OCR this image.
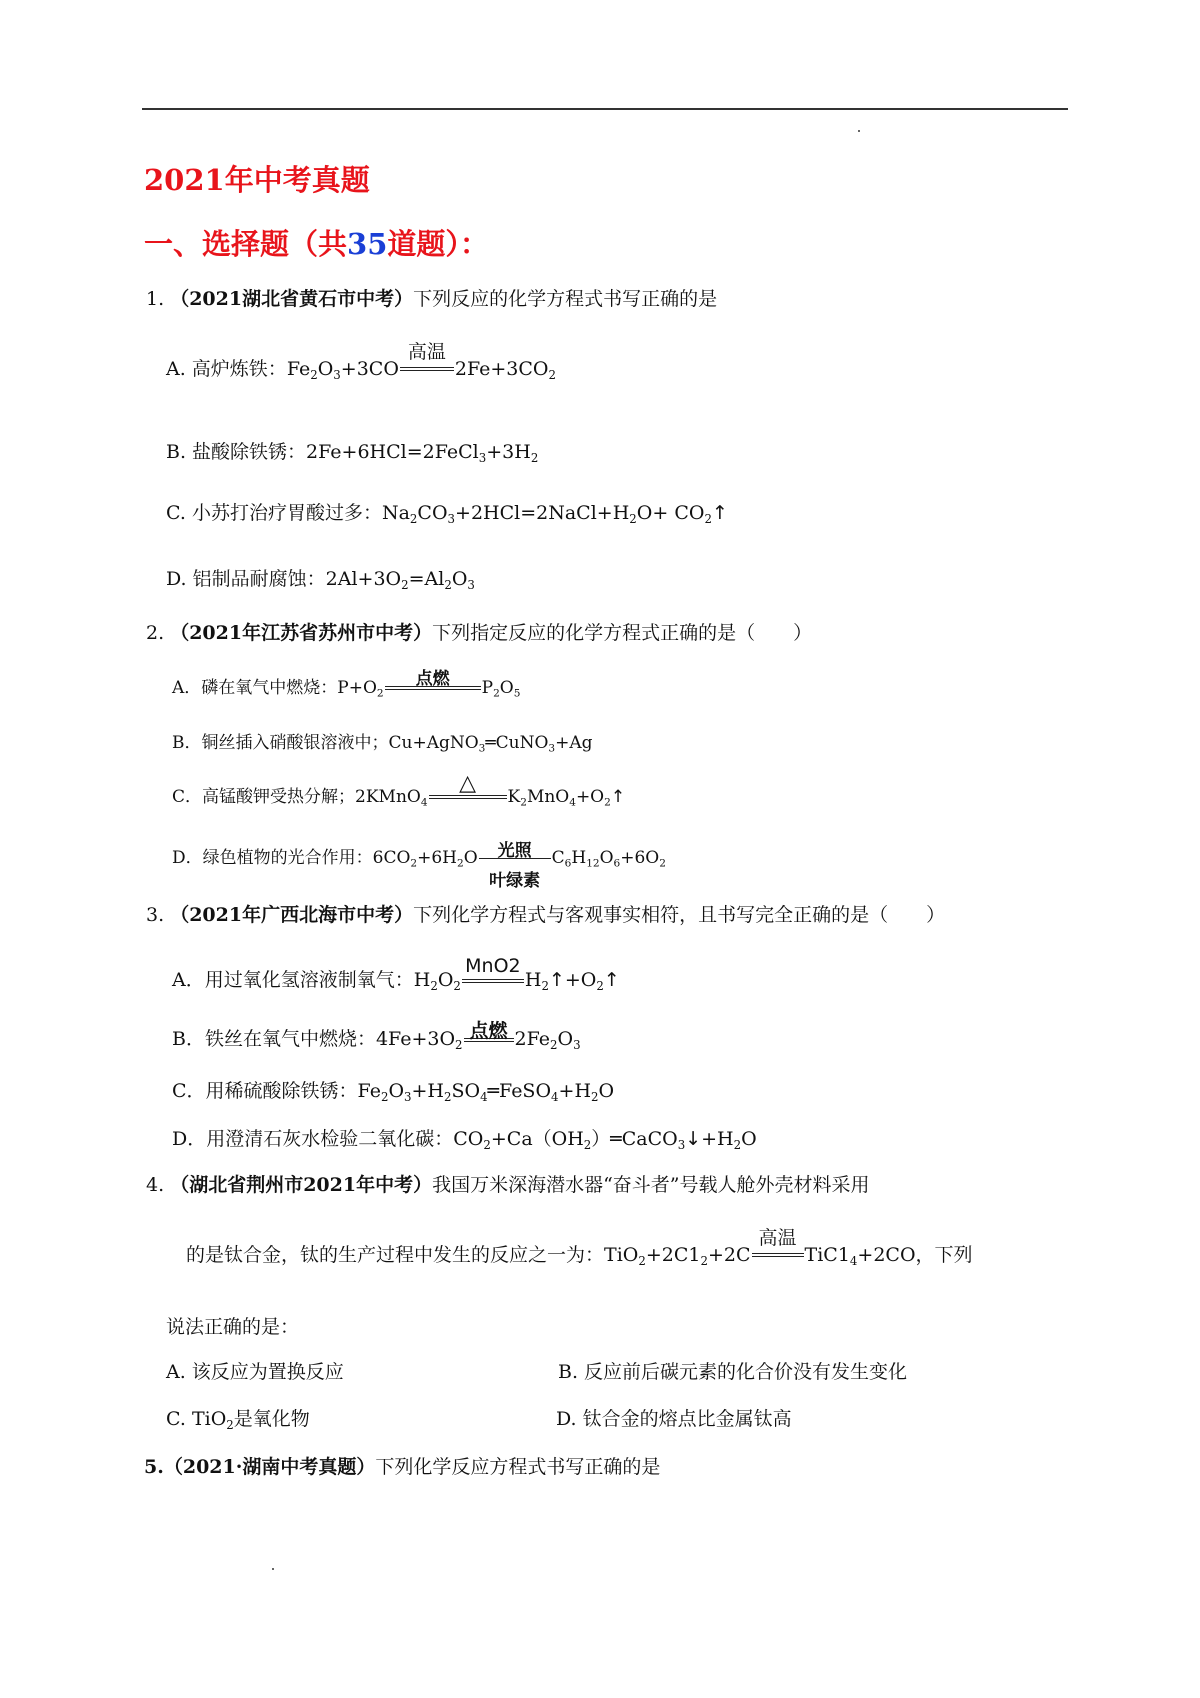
2021年中考真题
一、选择题（共35道题）：
1. （2021湖北省黄石市中考）下列反应的化学方程式书写正确的是
A. 高炉炼铁：$Fe_2O_3+3CO$
高温
$2Fe+3CO_2$
B. 盐酸除铁锈：$2Fe+6HCl=2FeCl_3+3H_2$
C. 小苏打治疗胃酸过多：$Na_2CO_3+2HCl=2NaCl+H_2O+$ $CO_2↑$
D. 铝制品耐腐蚀：$2Al+3O_2=Al_2O_3$
2. （2021年江苏省苏州市中考）下列指定反应的化学方程式正确的是（　　）
A．磷在氧气中燃烧：$P+O_2$
点燃	$P_2O_5$
B．铜丝插入硝酸银溶液中；Cu+AgNO$_3$═CuNO$_3$+Ag
C．高锰酸钾受热分解；2KMnO$_4$
△
$K_2MnO_4+O_2↑$
D．绿色植物的光合作用：$6CO_2+6H_2O$	光照
叶绿素
$C_6H_{12}O_6+6O_2$
3. （2021年广西北海市中考）下列化学方程式与客观事实相符，且书写完全正确的是（　　）
A．用过氧化氢溶液制氧气：$H_2O_2$
MnO2
$H_2↑+O_2↑$
B．铁丝在氧气中燃烧：$4Fe+3O_2$
点燃 $2Fe_2O_3$
C．用稀硫酸除铁锈：$Fe_2O_3+H_2SO_4═FeSO_4+H_2O$
D．用澄清石灰水检验二氧化碳：$CO_2+Ca(OH_2)═CaCO_3↓+H_2O$
4. （湖北省荆州市2021年中考）我国万米深海潜水器“奋斗者”号载人舱外壳材料采用
的是钛合金，钛的生产过程中发生的反应之一为：$TiO_2+2C1_2+2C$
高温
$TiC1_4+2CO$，下列
说法正确的是：
A. 该反应为置换反应	B. 反应前后碳元素的化合价没有发生变化
C. TiO$_2$是氧化物	D. 钛合金的熔点比金属钛高
5.（2021·湖南中考真题）下列化学反应方程式书写正确的是
